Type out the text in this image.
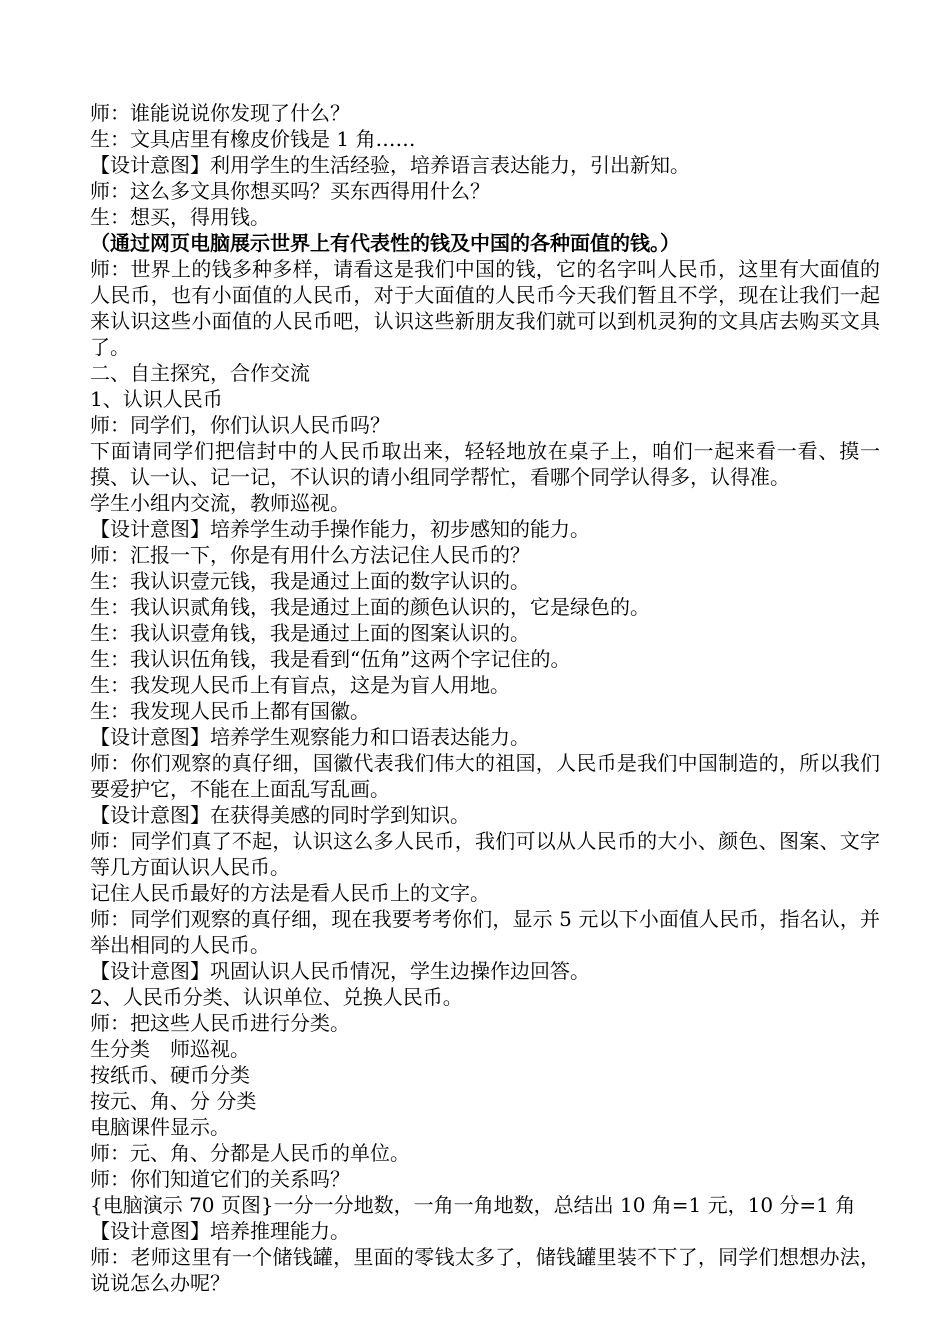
师：谁能说说你发现了什么？
生：文具店里有橡皮价钱是 1 角……
【设计意图】利用学生的生活经验，培养语言表达能力，引出新知。
师：这么多文具你想买吗？买东西得用什么？
生：想买，得用钱。
（通过网页电脑展示世界上有代表性的钱及中国的各种面值的钱。）
师：世界上的钱多种多样，请看这是我们中国的钱，它的名字叫人民币，这里有大面值的人民币，也有小面值的人民币，对于大面值的人民币今天我们暂且不学，现在让我们一起来认识这些小面值的人民币吧，认识这些新朋友我们就可以到机灵狗的文具店去购买文具了。
二、自主探究，合作交流
1、认识人民币
师：同学们，你们认识人民币吗？
下面请同学们把信封中的人民币取出来，轻轻地放在桌子上，咱们一起来看一看、摸一摸、认一认、记一记，不认识的请小组同学帮忙，看哪个同学认得多，认得准。
学生小组内交流，教师巡视。
【设计意图】培养学生动手操作能力，初步感知的能力。
师：汇报一下，你是有用什么方法记住人民币的？
生：我认识壹元钱，我是通过上面的数字认识的。
生：我认识贰角钱，我是通过上面的颜色认识的，它是绿色的。
生：我认识壹角钱，我是通过上面的图案认识的。
生：我认识伍角钱，我是看到“伍角”这两个字记住的。
生：我发现人民币上有盲点，这是为盲人用地。
生：我发现人民币上都有国徽。
【设计意图】培养学生观察能力和口语表达能力。
师：你们观察的真仔细，国徽代表我们伟大的祖国，人民币是我们中国制造的，所以我们要爱护它，不能在上面乱写乱画。
【设计意图】在获得美感的同时学到知识。
师：同学们真了不起，认识这么多人民币，我们可以从人民币的大小、颜色、图案、文字等几方面认识人民币。
记住人民币最好的方法是看人民币上的文字。
师：同学们观察的真仔细，现在我要考考你们，显示 5 元以下小面值人民币，指名认，并举出相同的人民币。
【设计意图】巩固认识人民币情况，学生边操作边回答。
2、人民币分类、认识单位、兑换人民币。
师：把这些人民币进行分类。
生分类　师巡视。
按纸币、硬币分类
按元、角、分 分类
电脑课件显示。
师：元、角、分都是人民币的单位。
师：你们知道它们的关系吗？
{电脑演示 70 页图}一分一分地数，一角一角地数，总结出 10 角=1 元，10 分=1 角
【设计意图】培养推理能力。
师：老师这里有一个储钱罐，里面的零钱太多了，储钱罐里装不下了，同学们想想办法，说说怎么办呢？
